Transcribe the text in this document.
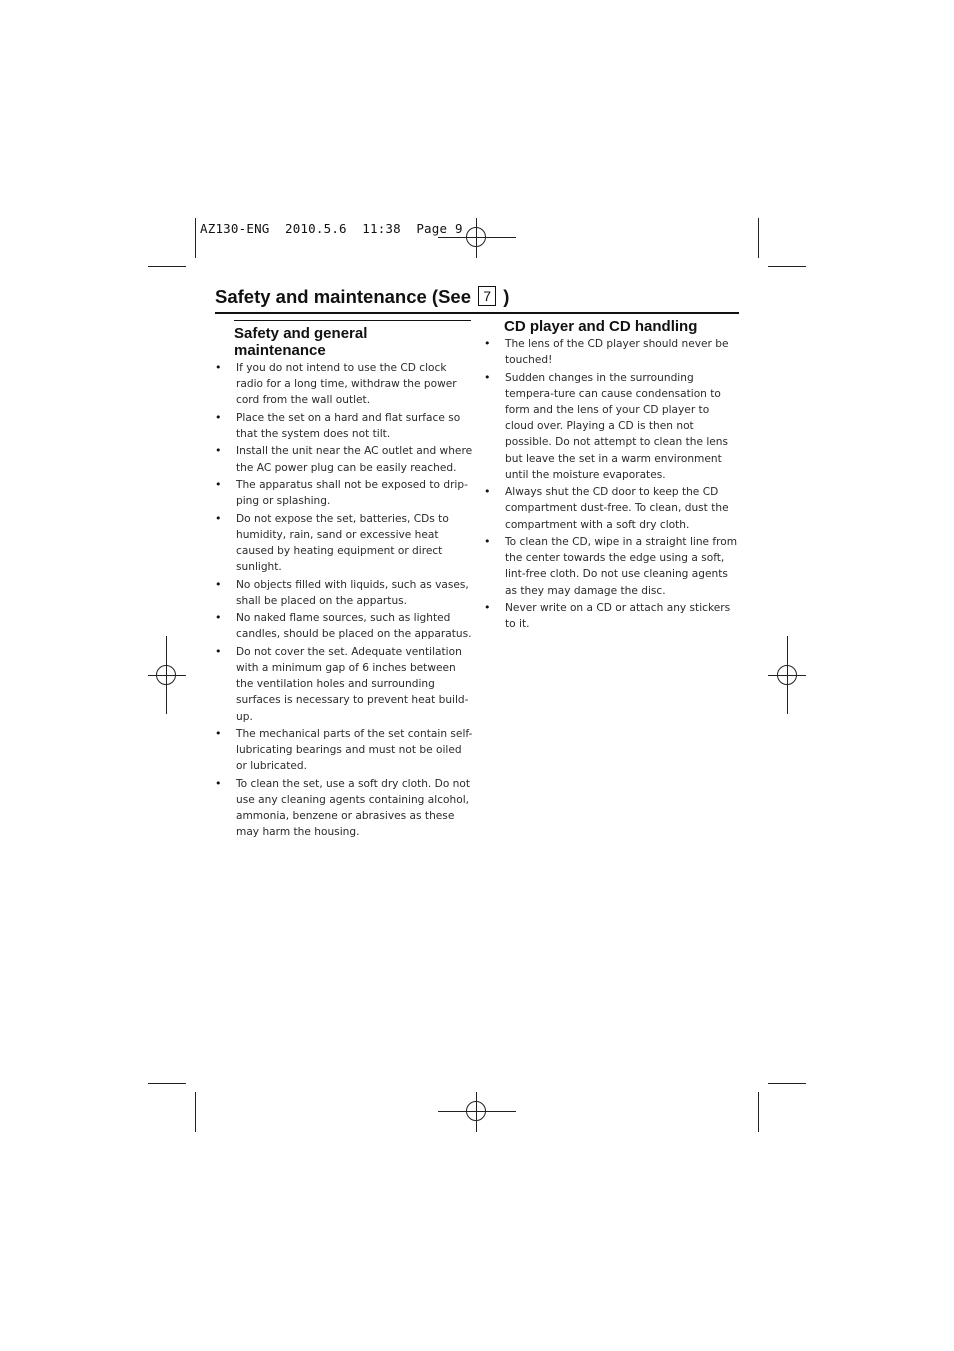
AZ130-ENG  2010.5.6  11:38  Page 9
Safety and maintenance (See 7 )
Safety and general
maintenance
• If you do not intend to use the CD clock radio for a long time, withdraw the power cord from the wall outlet.
• Place the set on a hard and flat surface so that the system does not tilt.
• Install the unit near the AC outlet and where the AC power plug can be easily reached.
• The apparatus shall not be exposed to drip-ping or splashing.
• Do not expose the set, batteries, CDs to humidity, rain, sand or excessive heat caused by heating equipment or direct sunlight.
• No objects filled with liquids, such as vases, shall be placed on the appartus.
• No naked flame sources, such as lighted candles, should be placed on the apparatus.
• Do not cover the set. Adequate ventilation with a minimum gap of 6 inches between the ventilation holes and surrounding surfaces is necessary to prevent heat build-up.
• The mechanical parts of the set contain self-lubricating bearings and must not be oiled or lubricated.
• To clean the set, use a soft dry cloth. Do not use any cleaning agents containing alcohol, ammonia, benzene or abrasives as these may harm the housing.
CD player and CD handling
• The lens of the CD player should never be touched!
• Sudden changes in the surrounding tempera-ture can cause condensation to form and the lens of your CD player to cloud over. Playing a CD is then not possible. Do not attempt to clean the lens but leave the set in a warm environment until the moisture evaporates.
• Always shut the CD door to keep the CD compartment dust-free. To clean, dust the compartment with a soft dry cloth.
• To clean the CD, wipe in a straight line from the center towards the edge using a soft, lint-free cloth. Do not use cleaning agents as they may damage the disc.
• Never write on a CD or attach any stickers to it.
